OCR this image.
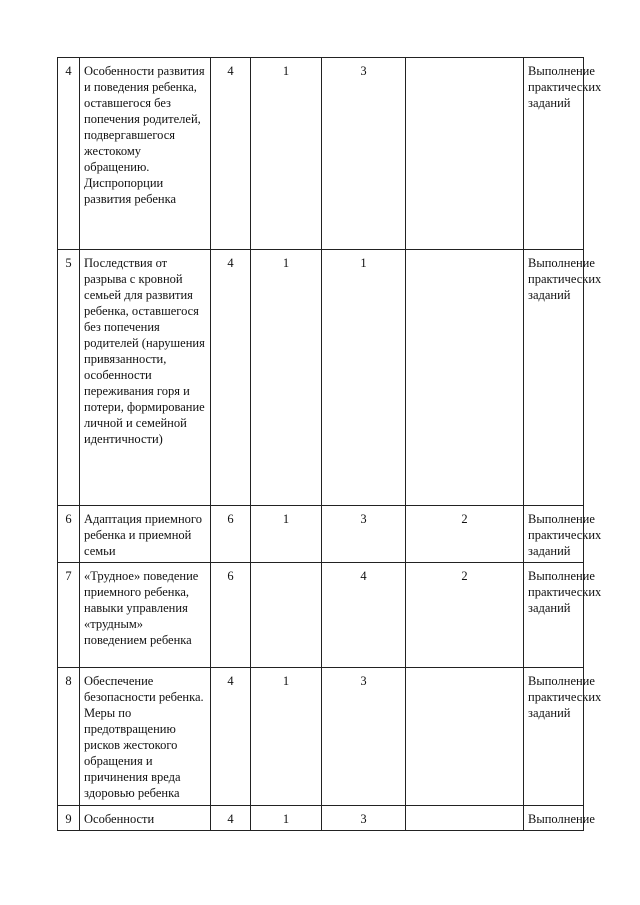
4	Особенности развития и поведения ребенка, оставшегося без попечения родителей, подвергавшегося жестокому обращению. Диспропорции развития ребенка	4	1	3		Выполнение практических заданий
5	Последствия от разрыва с кровной семьей для развития ребенка, оставшегося без попечения родителей (нарушения привязанности, особенности переживания горя и потери, формирование личной и семейной идентичности)	4	1	1		Выполнение практических заданий
6	Адаптация приемного ребенка и приемной семьи	6	1	3	2	Выполнение практических заданий
7	«Трудное» поведение приемного ребенка, навыки управления «трудным» поведением ребенка	6		4	2	Выполнение практических заданий
8	Обеспечение безопасности ребенка. Меры по предотвращению рисков жестокого обращения и причинения вреда здоровью ребенка	4	1	3		Выполнение практических заданий
9	Особенности	4	1	3		Выполнение
